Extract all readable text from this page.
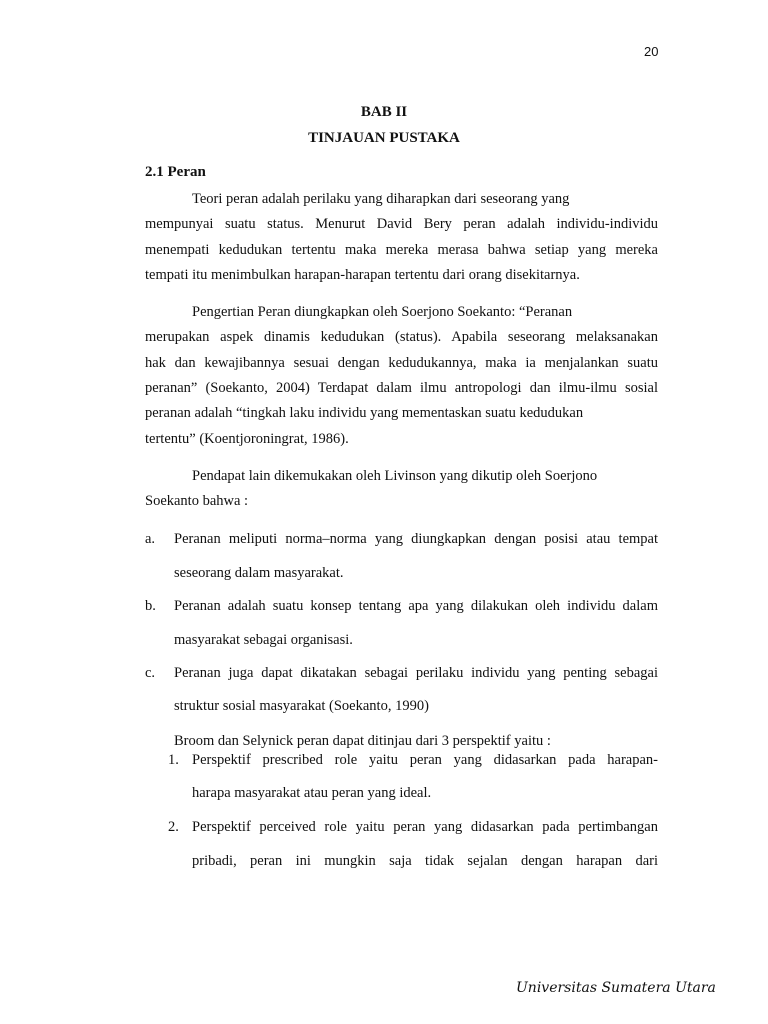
20
BAB II
TINJAUAN PUSTAKA
2.1 Peran
Teori peran adalah perilaku yang diharapkan dari seseorang yang
mempunyai suatu status. Menurut David Bery peran adalah individu-individu
menempati kedudukan tertentu maka mereka merasa bahwa setiap yang mereka
tempati itu menimbulkan harapan-harapan tertentu dari orang disekitarnya.
Pengertian Peran diungkapkan oleh Soerjono Soekanto: “Peranan
merupakan aspek dinamis kedudukan (status). Apabila seseorang melaksanakan
hak dan kewajibannya sesuai dengan kedudukannya, maka ia menjalankan suatu
peranan” (Soekanto, 2004) Terdapat dalam ilmu antropologi dan ilmu-ilmu sosial
peranan adalah “tingkah laku individu yang mementaskan suatu kedudukan
tertentu” (Koentjoroningrat, 1986).
Pendapat lain dikemukakan oleh Livinson yang dikutip oleh Soerjono
Soekanto bahwa :
a. Peranan meliputi norma–norma yang diungkapkan dengan posisi atau tempat
seseorang dalam masyarakat.
b. Peranan adalah suatu konsep tentang apa yang dilakukan oleh individu dalam
masyarakat sebagai organisasi.
c. Peranan juga dapat dikatakan sebagai perilaku individu yang penting sebagai
struktur sosial masyarakat (Soekanto, 1990)
Broom dan Selynick peran dapat ditinjau dari 3 perspektif yaitu :
1. Perspektif prescribed role yaitu peran yang didasarkan pada harapan-
harapa masyarakat atau peran yang ideal.
2. Perspektif perceived role yaitu peran yang didasarkan pada pertimbangan
pribadi, peran ini mungkin saja tidak sejalan dengan harapan dari
Universitas Sumatera Utara
